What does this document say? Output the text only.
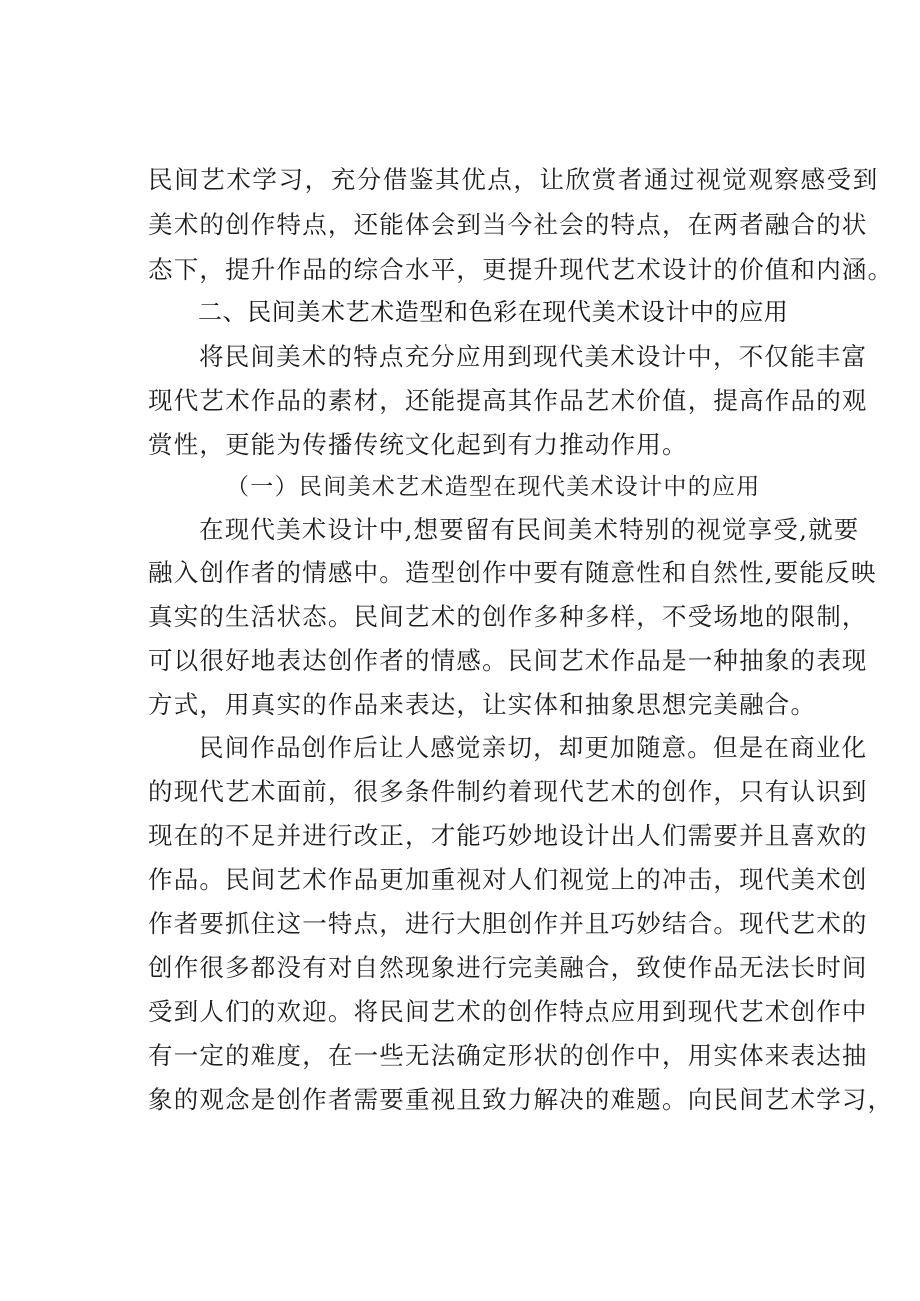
民间艺术学习，充分借鉴其优点，让欣赏者通过视觉观察感受到
美术的创作特点，还能体会到当今社会的特点，在两者融合的状
态下，提升作品的综合水平，更提升现代艺术设计的价值和内涵。
二、民间美术艺术造型和色彩在现代美术设计中的应用
将民间美术的特点充分应用到现代美术设计中，不仅能丰富
现代艺术作品的素材，还能提高其作品艺术价值，提高作品的观
赏性，更能为传播传统文化起到有力推动作用。
（一）民间美术艺术造型在现代美术设计中的应用
在现代美术设计中,想要留有民间美术特别的视觉享受,就要
融入创作者的情感中。造型创作中要有随意性和自然性,要能反映
真实的生活状态。民间艺术的创作多种多样，不受场地的限制，
可以很好地表达创作者的情感。民间艺术作品是一种抽象的表现
方式，用真实的作品来表达，让实体和抽象思想完美融合。
民间作品创作后让人感觉亲切，却更加随意。但是在商业化
的现代艺术面前，很多条件制约着现代艺术的创作，只有认识到
现在的不足并进行改正，才能巧妙地设计出人们需要并且喜欢的
作品。民间艺术作品更加重视对人们视觉上的冲击，现代美术创
作者要抓住这一特点，进行大胆创作并且巧妙结合。现代艺术的
创作很多都没有对自然现象进行完美融合，致使作品无法长时间
受到人们的欢迎。将民间艺术的创作特点应用到现代艺术创作中
有一定的难度，在一些无法确定形状的创作中，用实体来表达抽
象的观念是创作者需要重视且致力解决的难题。向民间艺术学习，
